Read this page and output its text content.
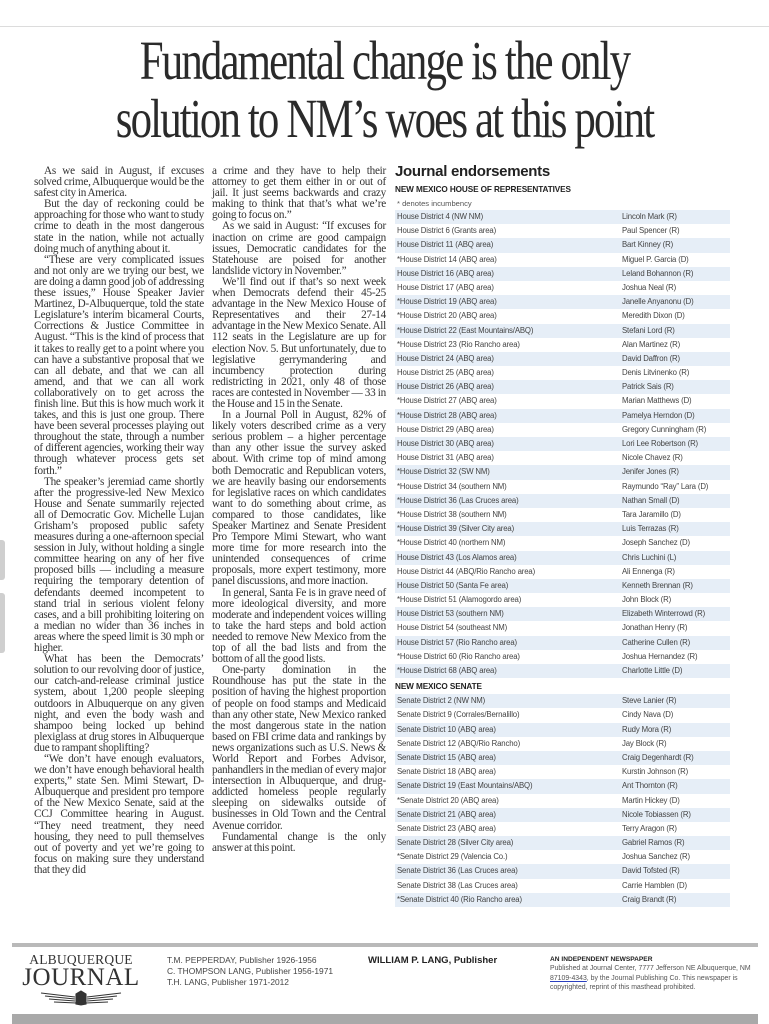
Fundamental change is the only
solution to NM’s woes at this point

As we said in August, if excuses solved crime, Albuquerque would be the safest city in America.

But the day of reckoning could be approaching for those who want to study crime to death in the most dangerous state in the nation, while not actually doing much of anything about it.

“These are very complicated issues and not only are we trying our best, we are doing a damn good job of addressing these issues,” House Speaker Javier Martinez, D-Albuquerque, told the state Legislature’s interim bicameral Courts, Corrections & Justice Committee in August. “This is the kind of process that it takes to really get to a point where you can have a substantive proposal that we can all debate, and that we can all amend, and that we can all work collaboratively on to get across the finish line. But this is how much work it takes, and this is just one group. There have been several processes playing out throughout the state, through a number of different agencies, working their way through whatever process gets set forth.”

The speaker’s jeremiad came shortly after the progressive-led New Mexico House and Senate summarily rejected all of Democratic Gov. Michelle Lujan Grisham’s proposed public safety measures during a one-afternoon special session in July, without holding a single committee hearing on any of her five proposed bills — including a measure requiring the temporary detention of defendants deemed incompetent to stand trial in serious violent felony cases, and a bill prohibiting loitering on a median no wider than 36 inches in areas where the speed limit is 30 mph or higher.

What has been the Democrats’ solution to our revolving door of justice, our catch-and-release criminal justice system, about 1,200 people sleeping outdoors in Albuquerque on any given night, and even the body wash and shampoo being locked up behind plexiglass at drug stores in Albuquerque due to rampant shoplifting?

“We don’t have enough evaluators, we don’t have enough behavioral health experts,” state Sen. Mimi Stewart, D-Albuquerque and president pro tempore of the New Mexico Senate, said at the CCJ Committee hearing in August. “They need treatment, they need housing, they need to pull themselves out of poverty and yet we’re going to focus on making sure they understand that they did

a crime and they have to help their attorney to get them either in or out of jail. It just seems backwards and crazy making to think that that’s what we’re going to focus on.”

As we said in August: “If excuses for inaction on crime are good campaign issues, Democratic candidates for the Statehouse are poised for another landslide victory in November.”

We’ll find out if that’s so next week when Democrats defend their 45-25 advantage in the New Mexico House of Representatives and their 27-14 advantage in the New Mexico Senate. All 112 seats in the Legislature are up for election Nov. 5. But unfortunately, due to legislative gerrymandering and incumbency protection during redistricting in 2021, only 48 of those races are contested in November — 33 in the House and 15 in the Senate.

In a Journal Poll in August, 82% of likely voters described crime as a very serious problem – a higher percentage than any other issue the survey asked about. With crime top of mind among both Democratic and Republican voters, we are heavily basing our endorsements for legislative races on which candidates want to do something about crime, as compared to those candidates, like Speaker Martinez and Senate President Pro Tempore Mimi Stewart, who want more time for more research into the unintended consequences of crime proposals, more expert testimony, more panel discussions, and more inaction.

In general, Santa Fe is in grave need of more ideological diversity, and more moderate and independent voices willing to take the hard steps and bold action needed to remove New Mexico from the top of all the bad lists and from the bottom of all the good lists.

One-party domination in the Roundhouse has put the state in the position of having the highest proportion of people on food stamps and Medicaid than any other state, New Mexico ranked the most dangerous state in the nation based on FBI crime data and rankings by news organizations such as U.S. News & World Report and Forbes Advisor, panhandlers in the median of every major intersection in Albuquerque, and drug-addicted homeless people regularly sleeping on sidewalks outside of businesses in Old Town and the Central Avenue corridor.

Fundamental change is the only answer at this point.

Journal endorsements
NEW MEXICO HOUSE OF REPRESENTATIVES
* denotes incumbency
House District 4 (NW NM)	Lincoln Mark (R)
House District 6 (Grants area)	Paul Spencer (R)
House District 11 (ABQ area)	Bart Kinney (R)
*House District 14 (ABQ area)	Miguel P. Garcia (D)
House District 16 (ABQ area)	Leland Bohannon (R)
House District 17 (ABQ area)	Joshua Neal (R)
*House District 19 (ABQ area)	Janelle Anyanonu (D)
*House District 20 (ABQ area)	Meredith Dixon (D)
*House District 22 (East Mountains/ABQ)	Stefani Lord (R)
*House District 23 (Rio Rancho area)	Alan Martinez (R)
House District 24 (ABQ area)	David Daffron (R)
House District 25 (ABQ area)	Denis Litvinenko (R)
House District 26 (ABQ area)	Patrick Sais (R)
*House District 27 (ABQ area)	Marian Matthews (D)
*House District 28 (ABQ area)	Pamelya Herndon (D)
House District 29 (ABQ area)	Gregory Cunningham (R)
House District 30 (ABQ area)	Lori Lee Robertson (R)
House District 31 (ABQ area)	Nicole Chavez (R)
*House District 32 (SW NM)	Jenifer Jones (R)
*House District 34 (southern NM)	Raymundo “Ray” Lara (D)
*House District 36 (Las Cruces area)	Nathan Small (D)
*House District 38 (southern NM)	Tara Jaramillo (D)
*House District 39 (Silver City area)	Luis Terrazas (R)
*House District 40 (northern NM)	Joseph Sanchez (D)
House District 43 (Los Alamos area)	Chris Luchini (L)
House District 44 (ABQ/Rio Rancho area)	Ali Ennenga (R)
House District 50 (Santa Fe area)	Kenneth Brennan (R)
*House District 51 (Alamogordo area)	John Block (R)
House District 53 (southern NM)	Elizabeth Winterrowd (R)
House District 54 (southeast NM)	Jonathan Henry (R)
House District 57 (Rio Rancho area)	Catherine Cullen (R)
*House District 60 (Rio Rancho area)	Joshua Hernandez (R)
*House District 68 (ABQ area)	Charlotte Little (D)
NEW MEXICO SENATE
Senate District 2 (NW NM)	Steve Lanier (R)
Senate District 9 (Corrales/Bernalillo)	Cindy Nava (D)
Senate District 10 (ABQ area)	Rudy Mora (R)
Senate District 12 (ABQ/Rio Rancho)	Jay Block (R)
Senate District 15 (ABQ area)	Craig Degenhardt (R)
Senate District 18 (ABQ area)	Kurstin Johnson (R)
Senate District 19 (East Mountains/ABQ)	Ant Thornton (R)
*Senate District 20 (ABQ area)	Martin Hickey (D)
Senate District 21 (ABQ area)	Nicole Tobiassen (R)
Senate District 23 (ABQ area)	Terry Aragon (R)
Senate District 28 (Silver City area)	Gabriel Ramos (R)
*Senate District 29 (Valencia Co.)	Joshua Sanchez (R)
Senate District 36 (Las Cruces area)	David Tofsted (R)
Senate District 38 (Las Cruces area)	Carrie Hamblen (D)
*Senate District 40 (Rio Rancho area)	Craig Brandt (R)
ALBUQUERQUE
JOURNAL
T.M. PEPPERDAY, Publisher 1926-1956
C. THOMPSON LANG, Publisher 1956-1971
T.H. LANG, Publisher 1971-2012
WILLIAM P. LANG, Publisher	AN INDEPENDENT NEWSPAPER
Published at Journal Center, 7777 Jefferson NE Albuquerque, NM 87109-4343, by the Journal Publishing Co. This newspaper is copyrighted, reprint of this masthead prohibited.
